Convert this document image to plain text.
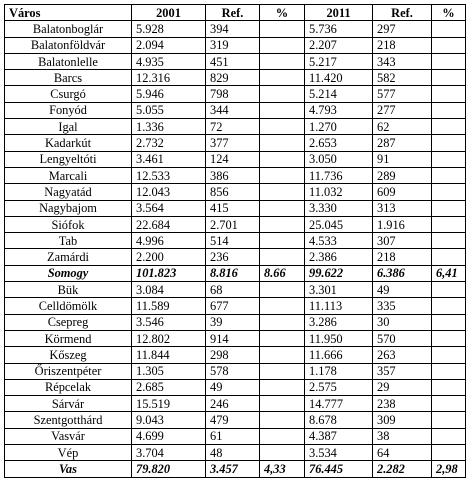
Város	2001	Ref.	%	2011	Ref.	%
Balatonboglár	5.928	394		5.736	297	
Balatonföldvár	2.094	319		2.207	218	
Balatonlelle	4.935	451		5.217	343	
Barcs	12.316	829		11.420	582	
Csurgó	5.946	798		5.214	577	
Fonyód	5.055	344		4.793	277	
Igal	1.336	72		1.270	62	
Kadarkút	2.732	377		2.653	287	
Lengyeltóti	3.461	124		3.050	91	
Marcali	12.533	386		11.736	289	
Nagyatád	12.043	856		11.032	609	
Nagybajom	3.564	415		3.330	313	
Siófok	22.684	2.701		25.045	1.916	
Tab	4.996	514		4.533	307	
Zamárdi	2.200	236		2.386	218	
Somogy	101.823	8.816	8.66	99.622	6.386	6,41
Bük	3.084	68		3.301	49	
Celldömölk	11.589	677		11.113	335	
Csepreg	3.546	39		3.286	30	
Körmend	12.802	914		11.950	570	
Kőszeg	11.844	298		11.666	263	
Őriszentpéter	1.305	578		1.178	357	
Répcelak	2.685	49		2.575	29	
Sárvár	15.519	246		14.777	238	
Szentgotthárd	9.043	479		8.678	309	
Vasvár	4.699	61		4.387	38	
Vép	3.704	48		3.534	64	
Vas	79.820	3.457	4,33	76.445	2.282	2,98
